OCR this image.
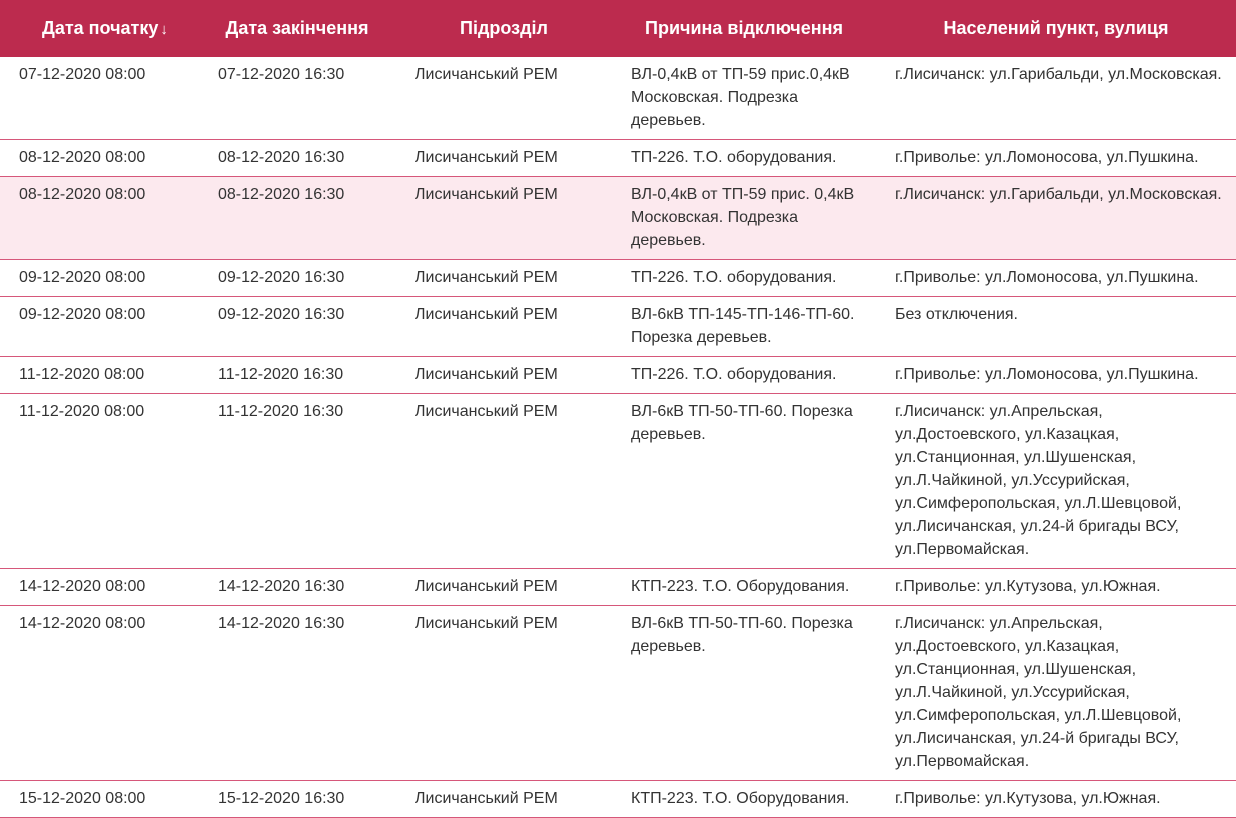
Дата початку ↓	Дата закінчення	Підрозділ	Причина відключення	Населений пункт, вулиця
07-12-2020 08:00	07-12-2020 16:30	Лисичанський РЕМ	ВЛ-0,4кВ от ТП-59 прис.0,4кВ Московская. Подрезка деревьев.	г.Лисичанск: ул.Гарибальди, ул.Московская.
08-12-2020 08:00	08-12-2020 16:30	Лисичанський РЕМ	ТП-226. Т.О. оборудования.	г.Приволье: ул.Ломоносова, ул.Пушкина.
08-12-2020 08:00	08-12-2020 16:30	Лисичанський РЕМ	ВЛ-0,4кВ от ТП-59 прис. 0,4кВ Московская. Подрезка деревьев.	г.Лисичанск: ул.Гарибальди, ул.Московская.
09-12-2020 08:00	09-12-2020 16:30	Лисичанський РЕМ	ТП-226. Т.О. оборудования.	г.Приволье: ул.Ломоносова, ул.Пушкина.
09-12-2020 08:00	09-12-2020 16:30	Лисичанський РЕМ	ВЛ-6кВ ТП-145-ТП-146-ТП-60. Порезка деревьев.	Без отключения.
11-12-2020 08:00	11-12-2020 16:30	Лисичанський РЕМ	ТП-226. Т.О. оборудования.	г.Приволье: ул.Ломоносова, ул.Пушкина.
11-12-2020 08:00	11-12-2020 16:30	Лисичанський РЕМ	ВЛ-6кВ ТП-50-ТП-60. Порезка деревьев.	г.Лисичанск: ул.Апрельская, ул.Достоевского, ул.Казацкая, ул.Станционная, ул.Шушенская, ул.Л.Чайкиной, ул.Уссурийская, ул.Симферопольская, ул.Л.Шевцовой, ул.Лисичанская, ул.24-й бригады ВСУ, ул.Первомайская.
14-12-2020 08:00	14-12-2020 16:30	Лисичанський РЕМ	КТП-223. Т.О. Оборудования.	г.Приволье: ул.Кутузова, ул.Южная.
14-12-2020 08:00	14-12-2020 16:30	Лисичанський РЕМ	ВЛ-6кВ ТП-50-ТП-60. Порезка деревьев.	г.Лисичанск: ул.Апрельская, ул.Достоевского, ул.Казацкая, ул.Станционная, ул.Шушенская, ул.Л.Чайкиной, ул.Уссурийская, ул.Симферопольская, ул.Л.Шевцовой, ул.Лисичанская, ул.24-й бригады ВСУ, ул.Первомайская.
15-12-2020 08:00	15-12-2020 16:30	Лисичанський РЕМ	КТП-223. Т.О. Оборудования.	г.Приволье: ул.Кутузова, ул.Южная.
